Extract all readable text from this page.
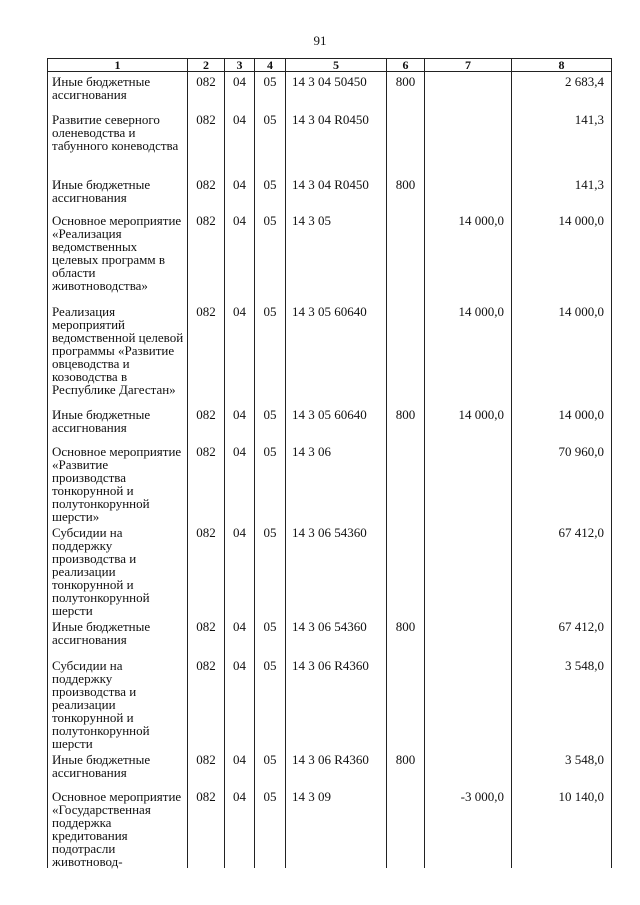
91
1	2	3	4	5	6	7	8
Иные бюджетные ассигнования	082	04	05	14 3 04 50450	800		2 683,4
Развитие северного оленеводства и табунного коневодства	082	04	05	14 3 04 R0450			141,3
Иные бюджетные ассигнования	082	04	05	14 3 04 R0450	800		141,3
Основное мероприятие «Реализация ведомственных целевых программ в области животноводства»	082	04	05	14 3 05		14 000,0	14 000,0
Реализация мероприятий ведомственной целевой программы «Развитие овцеводства и козоводства в Республике Дагестан»	082	04	05	14 3 05 60640		14 000,0	14 000,0
Иные бюджетные ассигнования	082	04	05	14 3 05 60640	800	14 000,0	14 000,0
Основное мероприятие «Развитие производства тонкорунной и полутонкорунной шерсти»	082	04	05	14 3 06			70 960,0
Субсидии на поддержку производства и реализации тонкорунной и полутонкорунной шерсти	082	04	05	14 3 06 54360			67 412,0
Иные бюджетные ассигнования	082	04	05	14 3 06 54360	800		67 412,0
Субсидии на поддержку производства и реализации тонкорунной и полутонкорунной шерсти	082	04	05	14 3 06 R4360			3 548,0
Иные бюджетные ассигнования	082	04	05	14 3 06 R4360	800		3 548,0
Основное мероприятие «Государственная поддержка кредитования подотрасли животновод-	082	04	05	14 3 09		-3 000,0	10 140,0
